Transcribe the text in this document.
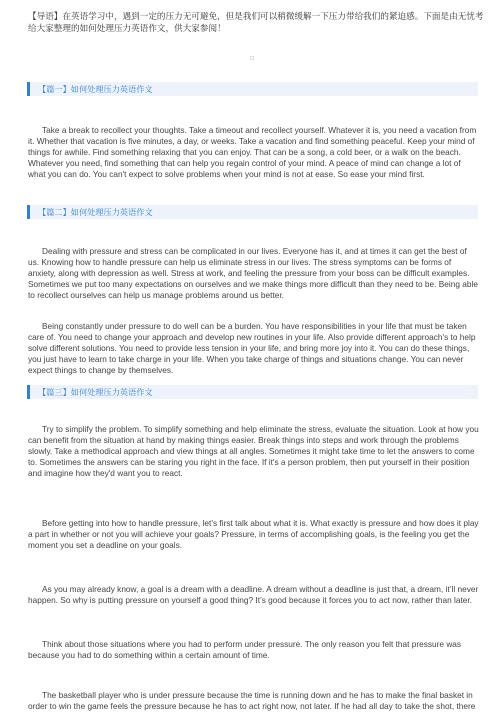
【导语】在英语学习中，遇到一定的压力无可避免，但是我们可以稍微缓解一下压力带给我们的紧迫感。下面是由无忧考给大家整理的如何处理压力英语作文，供大家参阅！
☐
【篇一】如何处理压力英语作文
Take a break to recollect your thoughts. Take a timeout and recollect yourself. Whatever it is, you need a vacation from it. Whether that vacation is five minutes, a day, or weeks. Take a vacation and find something peaceful. Keep your mind of things for awhile. Find something relaxing that you can enjoy. That can be a song, a cold beer, or a walk on the beach. Whatever you need, find something that can help you regain control of your mind. A peace of mind can change a lot of what you can do. You can't expect to solve problems when your mind is not at ease. So ease your mind first.
【篇二】如何处理压力英语作文
Dealing with pressure and stress can be complicated in our lives. Everyone has it, and at times it can get the best of us. Knowing how to handle pressure can help us eliminate stress in our lives. The stress symptoms can be forms of anxiety, along with depression as well. Stress at work, and feeling the pressure from your boss can be difficult examples. Sometimes we put too many expectations on ourselves and we make things more difficult than they need to be. Being able to recollect ourselves can help us manage problems around us better.
Being constantly under pressure to do well can be a burden. You have responsibilities in your life that must be taken care of. You need to change your approach and develop new routines in your life. Also provide different approach's to help solve different solutions. You need to provide less tension in your life, and bring more joy into it. You can do these things, you just have to learn to take charge in your life. When you take charge of things and situations change. You can never expect things to change by themselves.
【篇三】如何处理压力英语作文
Try to simplify the problem. To simplify something and help eliminate the stress, evaluate the situation. Look at how you can benefit from the situation at hand by making things easier. Break things into steps and work through the problems slowly. Take a methodical approach and view things at all angles. Sometimes it might take time to let the answers to come to. Sometimes the answers can be staring you right in the face. If it's a person problem, then put yourself in their position and imagine how they'd want you to react.
Before getting into how to handle pressure, let’s first talk about what it is. What exactly is pressure and how does it play a part in whether or not you will achieve your goals? Pressure, in terms of accomplishing goals, is the feeling you get the moment you set a deadline on your goals.
As you may already know, a goal is a dream with a deadline. A dream without a deadline is just that, a dream, it’ll never happen. So why is putting pressure on yourself a good thing? It’s good because it forces you to act now, rather than later.
Think about those situations where you had to perform under pressure. The only reason you felt that pressure was because you had to do something within a certain amount of time.
The basketball player who is under pressure because the time is running down and he has to make the final basket in order to win the game feels the pressure because he has to act right now, not later. If he had all day to take the shot, there
